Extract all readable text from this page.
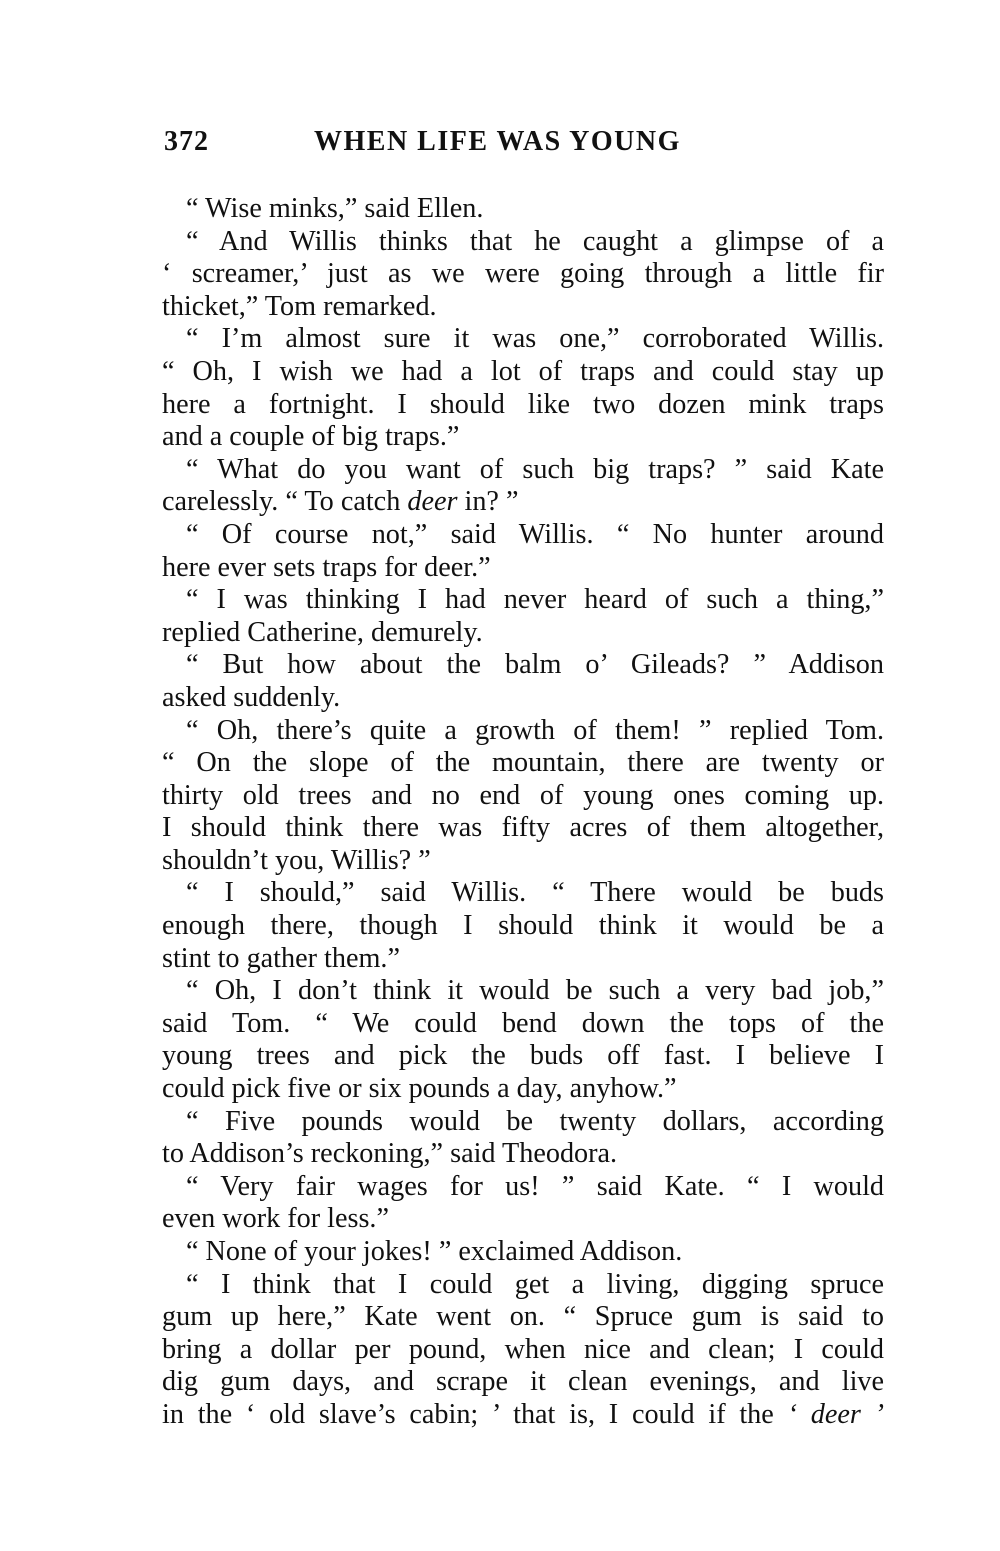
372	WHEN LIFE WAS YOUNG
“ Wise minks,” said Ellen.
“ And Willis thinks that he caught a glimpse of a
‘ screamer,’ just as we were going through a little fir
thicket,” Tom remarked.
“ I’m almost sure it was one,” corroborated Willis.
“ Oh, I wish we had a lot of traps and could stay up
here a fortnight. I should like two dozen mink traps
and a couple of big traps.”
“ What do you want of such big traps? ” said Kate
carelessly. “ To catch deer in? ”
“ Of course not,” said Willis. “ No hunter around
here ever sets traps for deer.”
“ I was thinking I had never heard of such a thing,”
replied Catherine, demurely.
“ But how about the balm o’ Gileads? ” Addison
asked suddenly.
“ Oh, there’s quite a growth of them! ” replied Tom.
“ On the slope of the mountain, there are twenty or
thirty old trees and no end of young ones coming up.
I should think there was fifty acres of them altogether,
shouldn’t you, Willis? ”
“ I should,” said Willis. “ There would be buds
enough there, though I should think it would be a
stint to gather them.”
“ Oh, I don’t think it would be such a very bad job,”
said Tom. “ We could bend down the tops of the
young trees and pick the buds off fast. I believe I
could pick five or six pounds a day, anyhow.”
“ Five pounds would be twenty dollars, according
to Addison’s reckoning,” said Theodora.
“ Very fair wages for us! ” said Kate. “ I would
even work for less.”
“ None of your jokes! ” exclaimed Addison.
“ I think that I could get a living, digging spruce
gum up here,” Kate went on. “ Spruce gum is said to
bring a dollar per pound, when nice and clean; I could
dig gum days, and scrape it clean evenings, and live
in the ‘ old slave’s cabin; ’ that is, I could if the ‘ deer ’
